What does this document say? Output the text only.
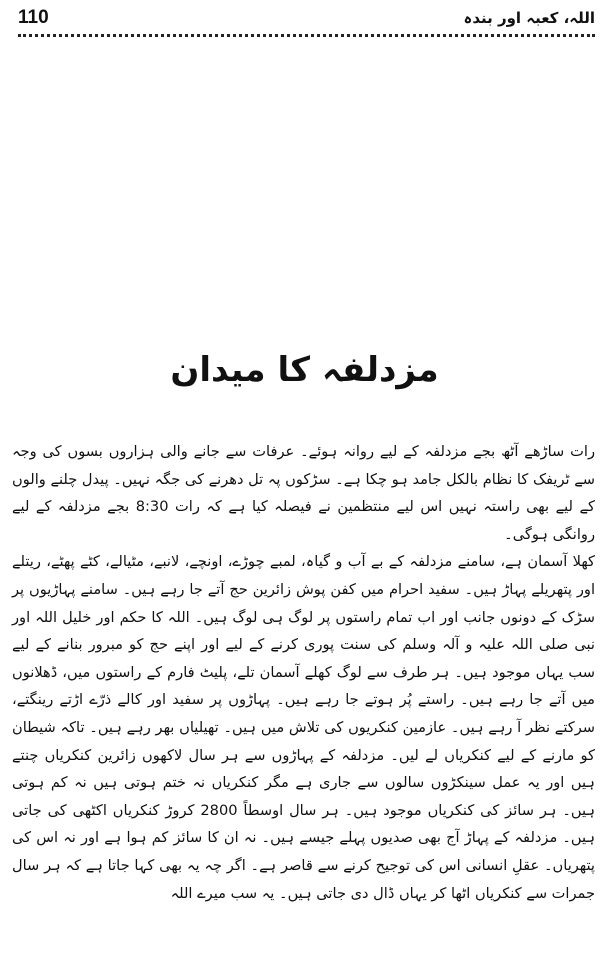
110	اللہ، کعبہ اور بندہ
مزدلفہ کا میدان

رات ساڑھے آٹھ بجے مزدلفہ کے لیے روانہ ہوئے۔ عرفات سے جانے والی ہزاروں بسوں کی وجہ سے ٹریفک کا نظام بالکل جامد ہو چکا ہے۔ سڑکوں پہ تل دھرنے کی جگہ نہیں۔ پیدل چلنے والوں کے لیے بھی راستہ نہیں اس لیے منتظمین نے فیصلہ کیا ہے کہ رات 8:30 بجے مزدلفہ کے لیے روانگی ہوگی۔

کھلا آسمان ہے، سامنے مزدلفہ کے بے آب و گیاہ، لمبے چوڑے، اونچے، لانبے، مٹیالے، کٹے پھٹے، ریتلے اور پتھریلے پہاڑ ہیں۔ سفید احرام میں کفن پوش زائرین حج آتے جا رہے ہیں۔ سامنے پہاڑیوں پر سڑک کے دونوں جانب اور اب تمام راستوں پر لوگ ہی لوگ ہیں۔ اللہ کا حکم اور خلیل اللہ اور نبی صلی اللہ علیہ و آلہ وسلم کی سنت پوری کرنے کے لیے اور اپنے حج کو مبرور بنانے کے لیے سب یہاں موجود ہیں۔ ہر طرف سے لوگ کھلے آسمان تلے، پلیٹ فارم کے راستوں میں، ڈھلانوں میں آتے جا رہے ہیں۔ راستے پُر ہوتے جا رہے ہیں۔ پہاڑوں پر سفید اور کالے ذرّے اڑتے رینگتے، سرکتے نظر آ رہے ہیں۔ عازمین کنکریوں کی تلاش میں ہیں۔ تھیلیاں بھر رہے ہیں۔ تاکہ شیطان کو مارنے کے لیے کنکریاں لے لیں۔ مزدلفہ کے پہاڑوں سے ہر سال لاکھوں زائرین کنکریاں چنتے ہیں اور یہ عمل سینکڑوں سالوں سے جاری ہے مگر کنکریاں نہ ختم ہوتی ہیں نہ کم ہوتی ہیں۔ ہر سائز کی کنکریاں موجود ہیں۔ ہر سال اوسطاً 2800 کروڑ کنکریاں اکٹھی کی جاتی ہیں۔ مزدلفہ کے پہاڑ آج بھی صدیوں پہلے جیسے ہیں۔ نہ ان کا سائز کم ہوا ہے اور نہ اس کی پتھریاں۔ عقلِ انسانی اس کی توجیح کرنے سے قاصر ہے۔ اگر چہ یہ بھی کہا جاتا ہے کہ ہر سال جمرات سے کنکریاں اٹھا کر یہاں ڈال دی جاتی ہیں۔ یہ سب میرے اللہ
